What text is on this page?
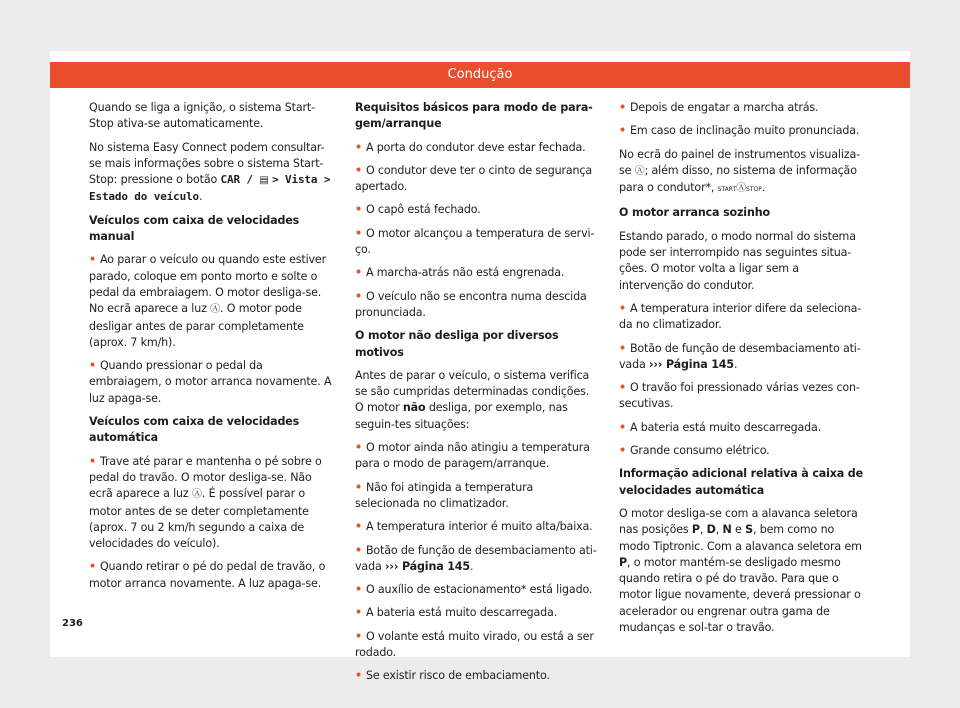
Condução

Quando se liga a ignição, o sistema Start-Stop ativa-se automaticamente.

No sistema Easy Connect podem consultar-se mais informações sobre o sistema Start-Stop: pressione o botão CAR / ▤ > Vista > Estado do veículo.

Veículos com caixa de velocidades manual

• Ao parar o veículo ou quando este estiver parado, coloque em ponto morto e solte o pedal da embraiagem. O motor desliga-se. No ecrã aparece a luz Ⓐ. O motor pode desligar antes de parar completamente (aprox. 7 km/h).

• Quando pressionar o pedal da embraiagem, o motor arranca novamente. A luz apaga-se.

Veículos com caixa de velocidades automática

• Trave até parar e mantenha o pé sobre o pedal do travão. O motor desliga-se. Não ecrã aparece a luz Ⓐ. É possível parar o motor antes de se deter completamente (aprox. 7 ou 2 km/h segundo a caixa de velocidades do veículo).

• Quando retirar o pé do pedal de travão, o motor arranca novamente. A luz apaga-se.

Requisitos básicos para modo de para-gem/arranque

• A porta do condutor deve estar fechada.

• O condutor deve ter o cinto de segurança apertado.

• O capô está fechado.

• O motor alcançou a temperatura de servi-ço.

• A marcha-atrás não está engrenada.

• O veículo não se encontra numa descida pronunciada.

O motor não desliga por diversos motivos

Antes de parar o veículo, o sistema verifica se são cumpridas determinadas condições. O motor não desliga, por exemplo, nas seguin-tes situações:

• O motor ainda não atingiu a temperatura para o modo de paragem/arranque.

• Não foi atingida a temperatura selecionada no climatizador.

• A temperatura interior é muito alta/baixa.

• Botão de função de desembaciamento ati-vada ››› Página 145.

• O auxílio de estacionamento* está ligado.

• A bateria está muito descarregada.

• O volante está muito virado, ou está a ser rodado.

• Se existir risco de embaciamento.

• Depois de engatar a marcha atrás.

• Em caso de inclinação muito pronunciada.

No ecrã do painel de instrumentos visualiza-se Ⓐ; além disso, no sistema de informação para o condutor*, STARTⒶSTOP.

O motor arranca sozinho

Estando parado, o modo normal do sistema pode ser interrompido nas seguintes situa-ções. O motor volta a ligar sem a intervenção do condutor.

• A temperatura interior difere da seleciona-da no climatizador.

• Botão de função de desembaciamento ati-vada ››› Página 145.

• O travão foi pressionado várias vezes con-secutivas.

• A bateria está muito descarregada.

• Grande consumo elétrico.

Informação adicional relativa à caixa de velocidades automática

O motor desliga-se com a alavanca seletora nas posições P, D, N e S, bem como no modo Tiptronic. Com a alavanca seletora em P, o motor mantém-se desligado mesmo quando retira o pé do travão. Para que o motor ligue novamente, deverá pressionar o acelerador ou engrenar outra gama de mudanças e sol-tar o travão.

236
